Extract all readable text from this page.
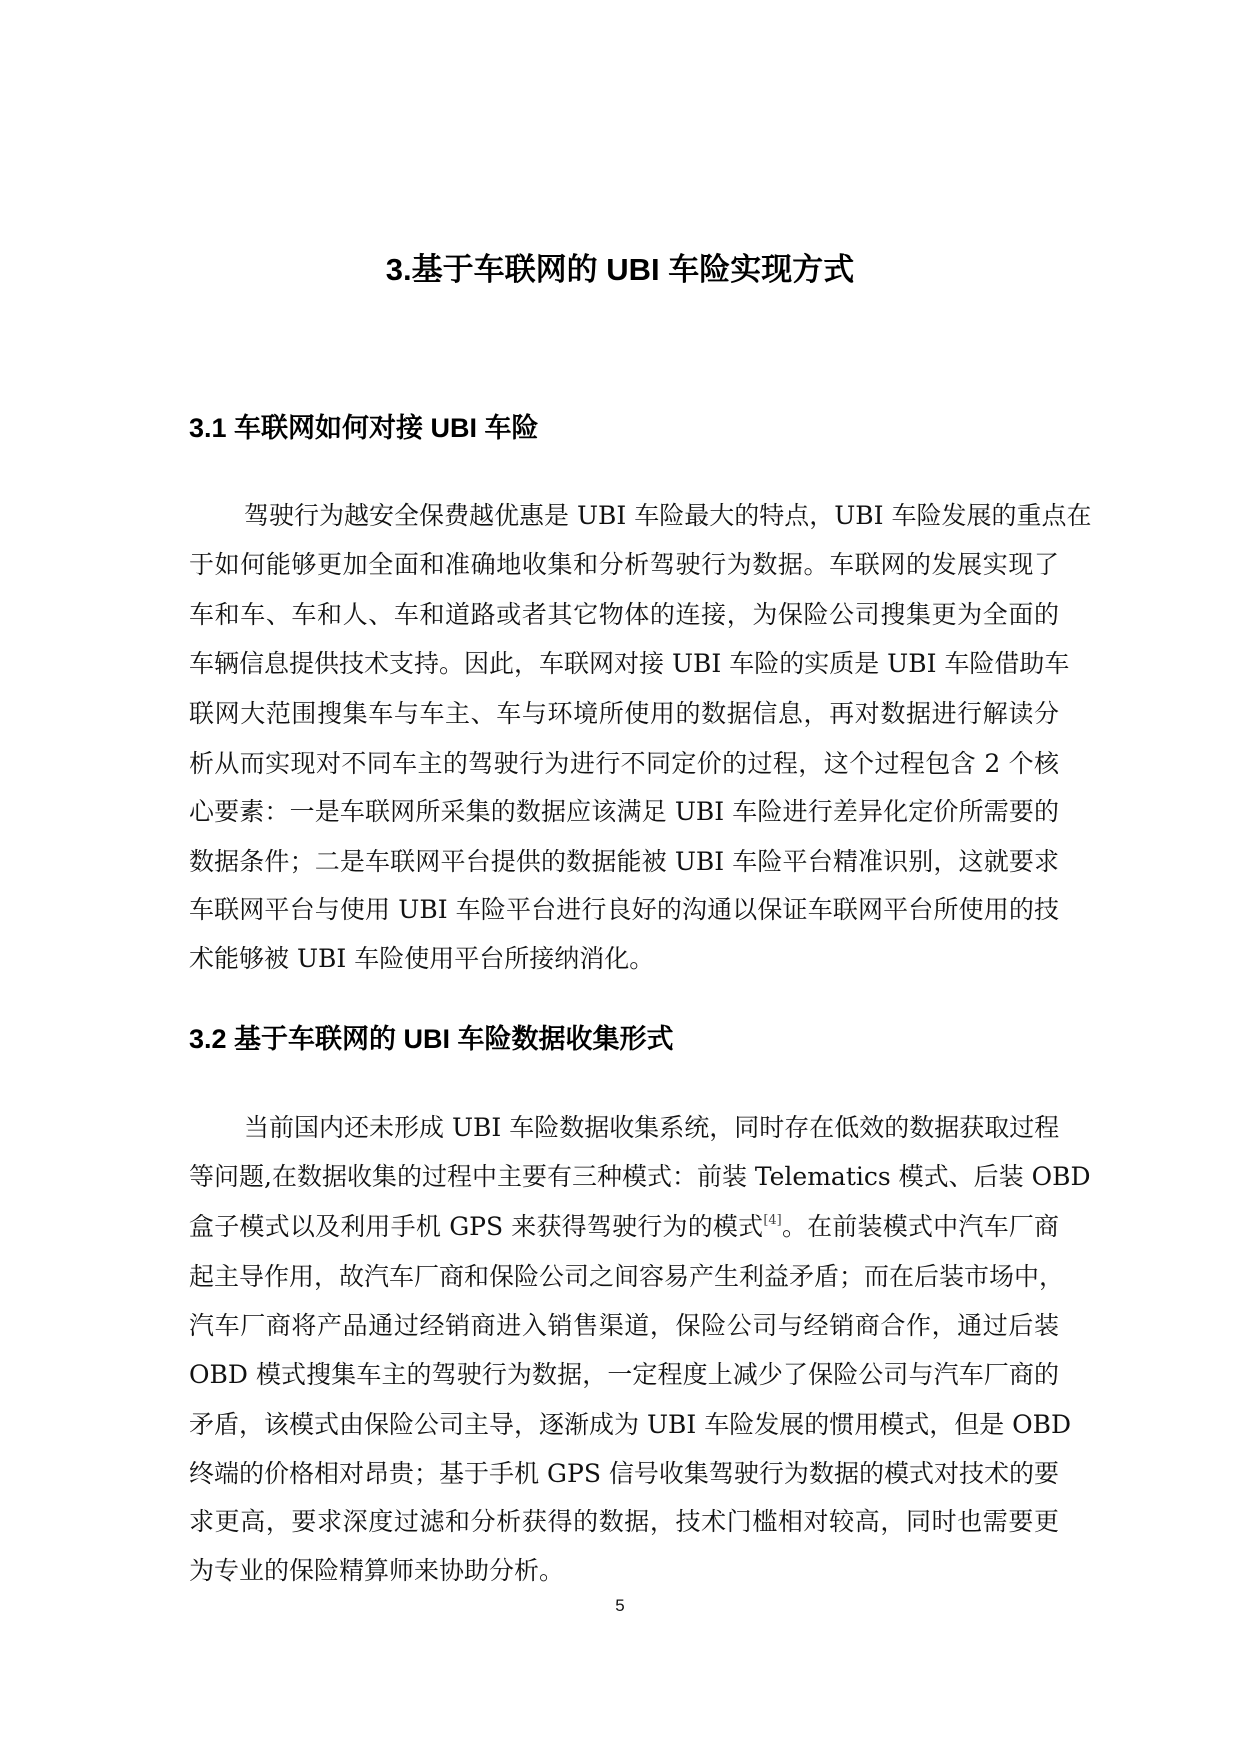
3.基于车联网的 UBI 车险实现方式
3.1 车联网如何对接 UBI 车险
驾驶行为越安全保费越优惠是 UBI 车险最大的特点，UBI 车险发展的重点在
于如何能够更加全面和准确地收集和分析驾驶行为数据。车联网的发展实现了
车和车、车和人、车和道路或者其它物体的连接，为保险公司搜集更为全面的
车辆信息提供技术支持。因此，车联网对接 UBI 车险的实质是 UBI 车险借助车
联网大范围搜集车与车主、车与环境所使用的数据信息，再对数据进行解读分
析从而实现对不同车主的驾驶行为进行不同定价的过程，这个过程包含 2 个核
心要素：一是车联网所采集的数据应该满足 UBI 车险进行差异化定价所需要的
数据条件；二是车联网平台提供的数据能被 UBI 车险平台精准识别，这就要求
车联网平台与使用 UBI 车险平台进行良好的沟通以保证车联网平台所使用的技
术能够被 UBI 车险使用平台所接纳消化。
3.2 基于车联网的 UBI 车险数据收集形式
当前国内还未形成 UBI 车险数据收集系统，同时存在低效的数据获取过程
等问题,在数据收集的过程中主要有三种模式：前装 Telematics 模式、后装 OBD
盒子模式以及利用手机 GPS 来获得驾驶行为的模式[4]。在前装模式中汽车厂商
起主导作用，故汽车厂商和保险公司之间容易产生利益矛盾；而在后装市场中，
汽车厂商将产品通过经销商进入销售渠道，保险公司与经销商合作，通过后装
OBD 模式搜集车主的驾驶行为数据，一定程度上减少了保险公司与汽车厂商的
矛盾，该模式由保险公司主导，逐渐成为 UBI 车险发展的惯用模式，但是 OBD
终端的价格相对昂贵；基于手机 GPS 信号收集驾驶行为数据的模式对技术的要
求更高，要求深度过滤和分析获得的数据，技术门槛相对较高，同时也需要更
为专业的保险精算师来协助分析。
5
